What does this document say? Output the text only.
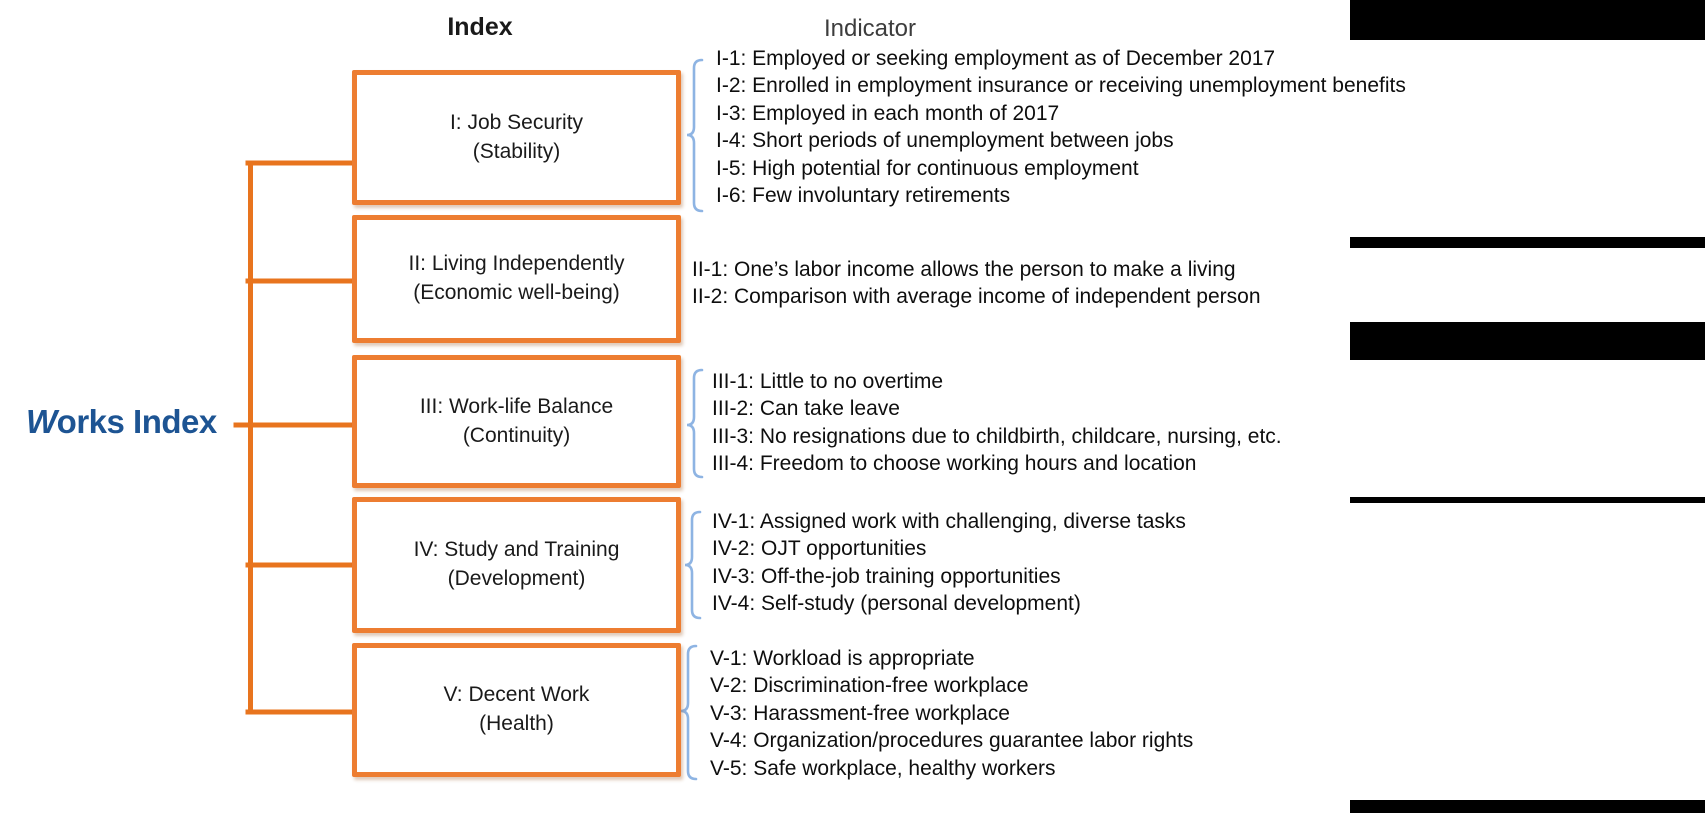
Index	Indicator
Works Index
I: Job Security
(Stability)
II: Living Independently
(Economic well-being)
III: Work-life Balance
(Continuity)
IV: Study and Training
(Development)
V: Decent Work
(Health)
I-1: Employed or seeking employment as of December 2017
I-2: Enrolled in employment insurance or receiving unemployment benefits
I-3: Employed in each month of 2017
I-4: Short periods of unemployment between jobs
I-5: High potential for continuous employment
I-6: Few involuntary retirements
II-1: One’s labor income allows the person to make a living
II-2: Comparison with average income of independent person
III-1: Little to no overtime
III-2: Can take leave
III-3: No resignations due to childbirth, childcare, nursing, etc.
III-4: Freedom to choose working hours and location
IV-1: Assigned work with challenging, diverse tasks
IV-2: OJT opportunities
IV-3: Off-the-job training opportunities
IV-4: Self-study (personal development)
V-1: Workload is appropriate
V-2: Discrimination-free workplace
V-3: Harassment-free workplace
V-4: Organization/procedures guarantee labor rights
V-5: Safe workplace, healthy workers
